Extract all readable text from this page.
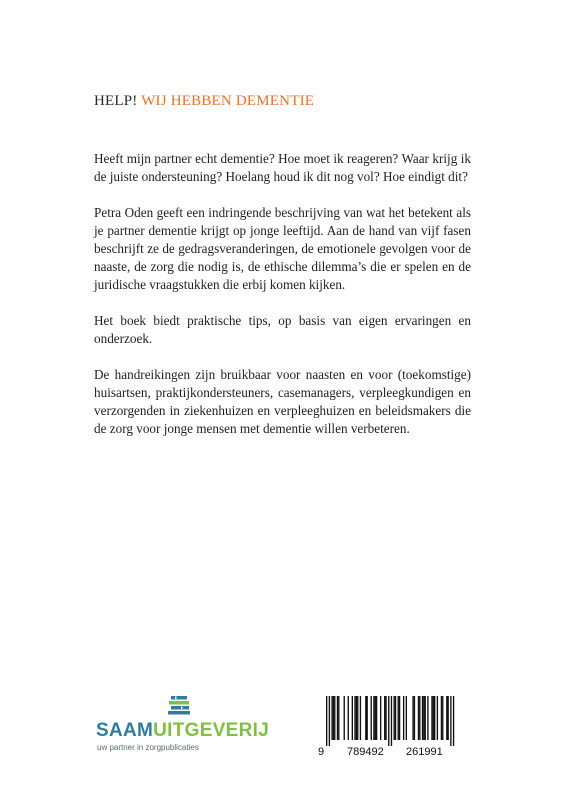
HELP! WIJ HEBBEN DEMENTIE

Heeft mijn partner echt dementie? Hoe moet ik reageren? Waar krijg ik de juiste ondersteuning? Hoelang houd ik dit nog vol? Hoe eindigt dit?

Petra Oden geeft een indringende beschrijving van wat het betekent als je partner dementie krijgt op jonge leeftijd. Aan de hand van vijf fasen beschrijft ze de gedragsveranderingen, de emotionele gevolgen voor de naaste, de zorg die nodig is, de ethische dilemma’s die er spelen en de juridische vraagstukken die erbij komen kijken.

Het boek biedt praktische tips, op basis van eigen ervaringen en onderzoek.

De handreikingen zijn bruikbaar voor naasten en voor (toekomstige) huisartsen, praktijkondersteuners, casemanagers, verpleegkundigen en verzorgenden in ziekenhuizen en verpleeghuizen en beleidsmakers die de zorg voor jonge mensen met dementie willen verbeteren.

SAAMUITGEVERIJ
uw partner in zorgpublicaties	9 789492 261991
